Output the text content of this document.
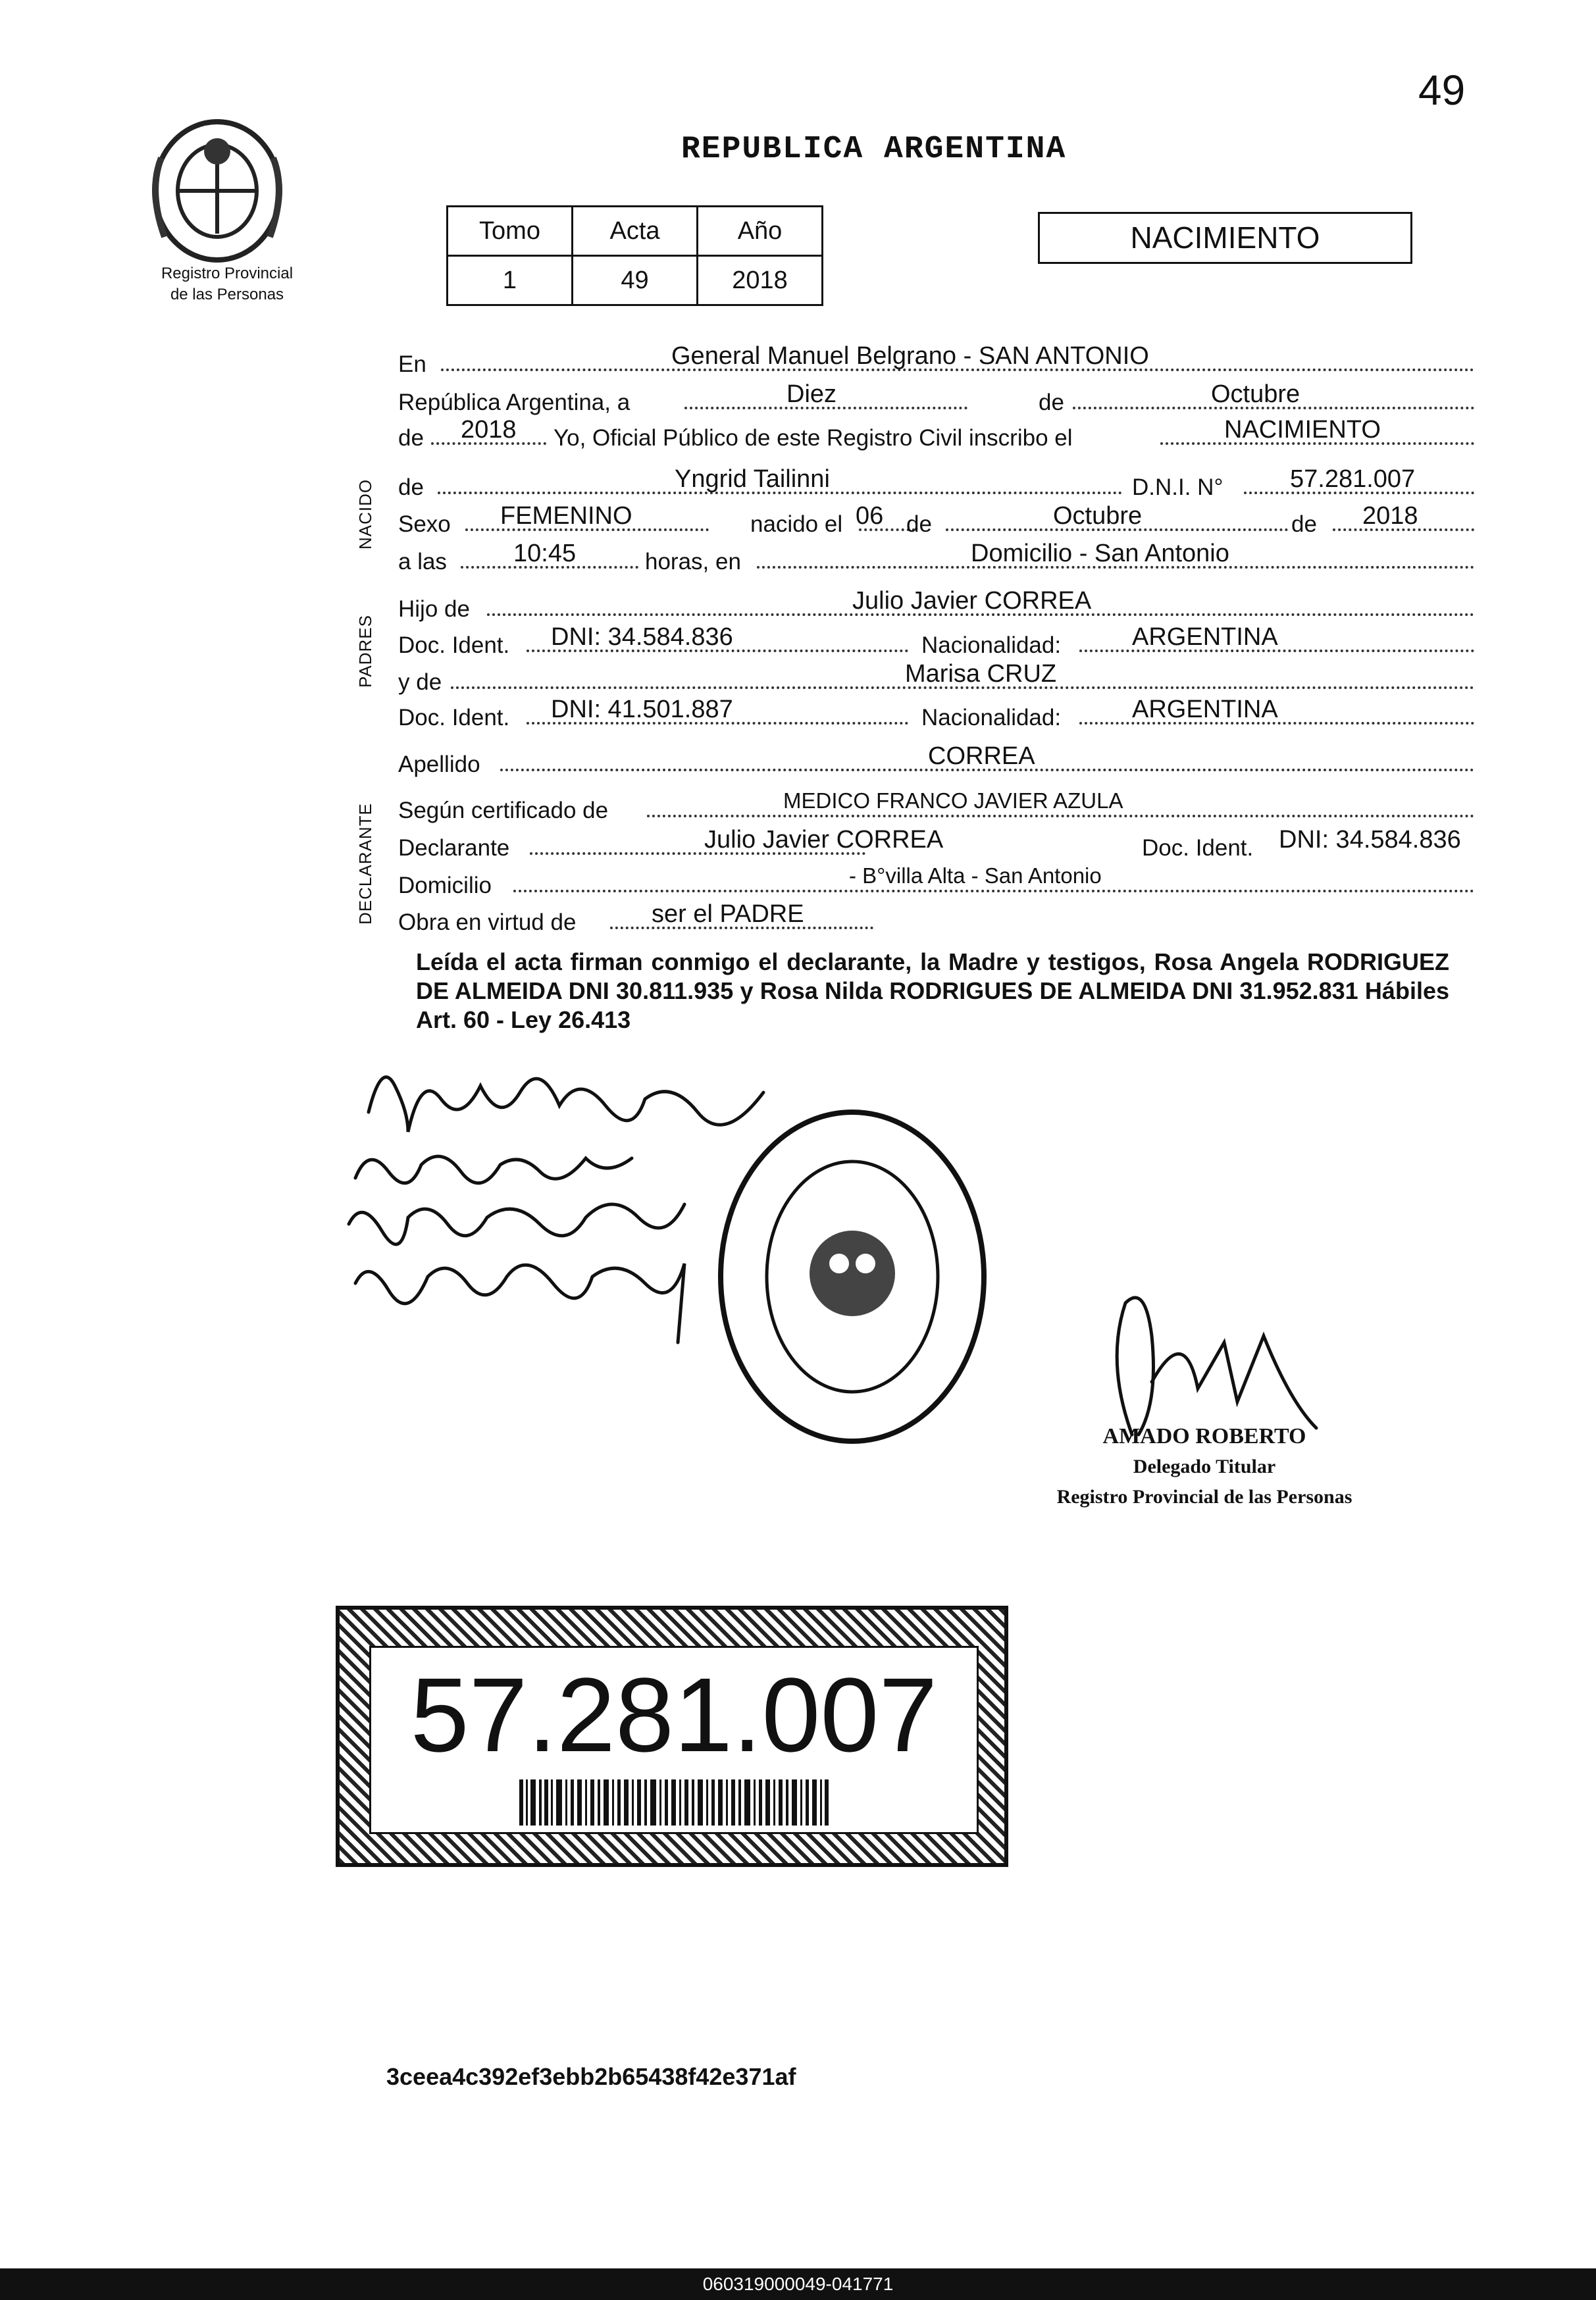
49
Registro Provincial
de las Personas
REPUBLICA ARGENTINA
Tomo	Acta	Año
1	49	2018
NACIMIENTO
En	General Manuel Belgrano - SAN ANTONIO
República Argentina, a	Diez	de	Octubre
de 2018 Yo, Oficial Público de este Registro Civil inscribo el	NACIMIENTO
de	Yngrid Tailinni	D.N.I. N°	57.281.007
Sexo FEMENINO	nacido el 06 de	Octubre	de 2018
a las	10:45	horas, en	Domicilio - San Antonio
Hijo de	Julio Javier CORREA
Doc. Ident. DNI: 34.584.836	Nacionalidad:	ARGENTINA
y de	Marisa CRUZ
Doc. Ident. DNI: 41.501.887	Nacionalidad:	ARGENTINA
Apellido	CORREA
Según certificado de	MEDICO FRANCO JAVIER AZULA
Declarante	Julio Javier CORREA	Doc. Ident. DNI: 34.584.836
Domicilio	- B°villa Alta - San Antonio
Obra en virtud de	ser el PADRE
NACIDO
PADRES
DECLARANTE
Leída el acta firman conmigo el declarante, la Madre y testigos, Rosa Angela RODRIGUEZ DE ALMEIDA DNI 30.811.935 y Rosa Nilda RODRIGUES DE ALMEIDA DNI 31.952.831 Hábiles Art. 60 - Ley 26.413
AMADO ROBERTO
Delegado Titular
Registro Provincial de las Personas
57.281.007
3ceea4c392ef3ebb2b65438f42e371af
060319000049-041771
